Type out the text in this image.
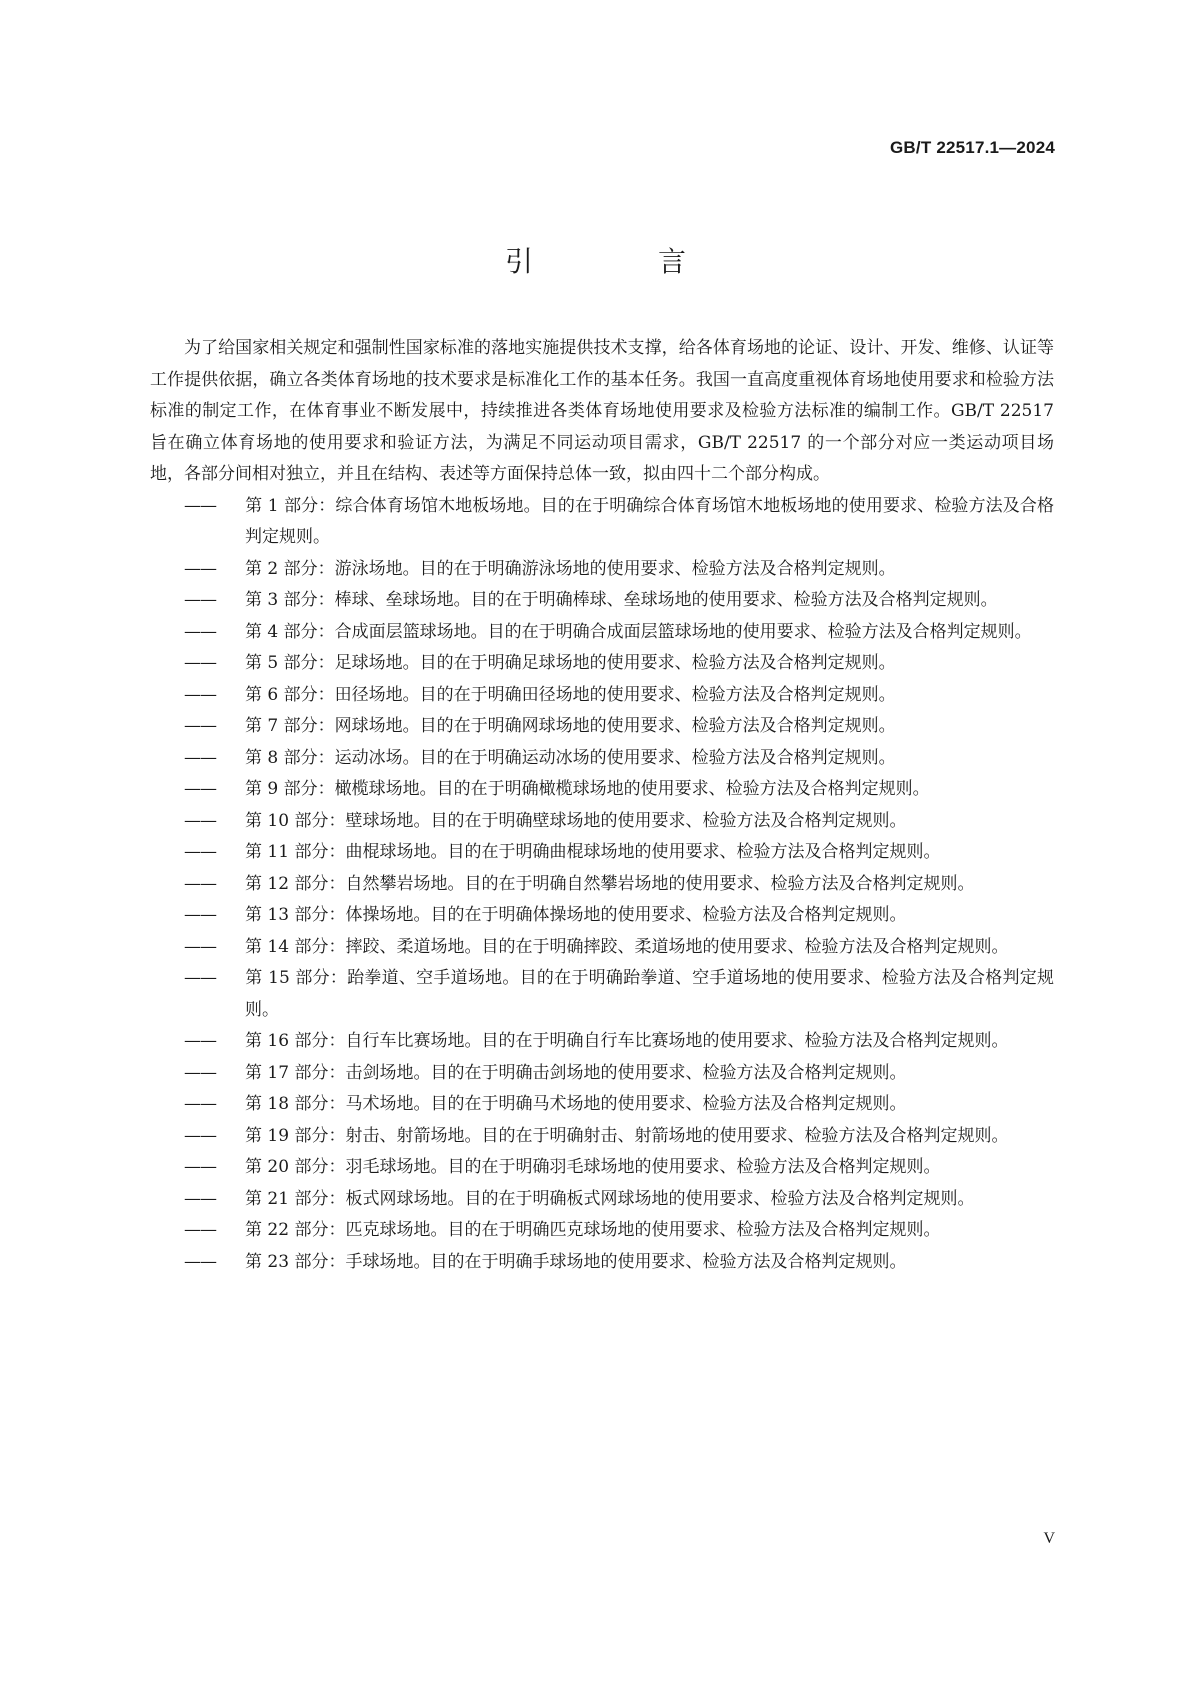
GB/T 22517.1—2024
引 言

为了给国家相关规定和强制性国家标准的落地实施提供技术支撑，给各体育场地的论证、设计、开发、维修、认证等工作提供依据，确立各类体育场地的技术要求是标准化工作的基本任务。我国一直高度重视体育场地使用要求和检验方法标准的制定工作，在体育事业不断发展中，持续推进各类体育场地使用要求及检验方法标准的编制工作。GB/T 22517 旨在确立体育场地的使用要求和验证方法，为满足不同运动项目需求，GB/T 22517 的一个部分对应一类运动项目场地，各部分间相对独立，并且在结构、表述等方面保持总体一致，拟由四十二个部分构成。

—— 第 1 部分：综合体育场馆木地板场地。目的在于明确综合体育场馆木地板场地的使用要求、检验方法及合格判定规则。
—— 第 2 部分：游泳场地。目的在于明确游泳场地的使用要求、检验方法及合格判定规则。
—— 第 3 部分：棒球、垒球场地。目的在于明确棒球、垒球场地的使用要求、检验方法及合格判定规则。
—— 第 4 部分：合成面层篮球场地。目的在于明确合成面层篮球场地的使用要求、检验方法及合格判定规则。
—— 第 5 部分：足球场地。目的在于明确足球场地的使用要求、检验方法及合格判定规则。
—— 第 6 部分：田径场地。目的在于明确田径场地的使用要求、检验方法及合格判定规则。
—— 第 7 部分：网球场地。目的在于明确网球场地的使用要求、检验方法及合格判定规则。
—— 第 8 部分：运动冰场。目的在于明确运动冰场的使用要求、检验方法及合格判定规则。
—— 第 9 部分：橄榄球场地。目的在于明确橄榄球场地的使用要求、检验方法及合格判定规则。
—— 第 10 部分：壁球场地。目的在于明确壁球场地的使用要求、检验方法及合格判定规则。
—— 第 11 部分：曲棍球场地。目的在于明确曲棍球场地的使用要求、检验方法及合格判定规则。
—— 第 12 部分：自然攀岩场地。目的在于明确自然攀岩场地的使用要求、检验方法及合格判定规则。
—— 第 13 部分：体操场地。目的在于明确体操场地的使用要求、检验方法及合格判定规则。
—— 第 14 部分：摔跤、柔道场地。目的在于明确摔跤、柔道场地的使用要求、检验方法及合格判定规则。
—— 第 15 部分：跆拳道、空手道场地。目的在于明确跆拳道、空手道场地的使用要求、检验方法及合格判定规则。
—— 第 16 部分：自行车比赛场地。目的在于明确自行车比赛场地的使用要求、检验方法及合格判定规则。
—— 第 17 部分：击剑场地。目的在于明确击剑场地的使用要求、检验方法及合格判定规则。
—— 第 18 部分：马术场地。目的在于明确马术场地的使用要求、检验方法及合格判定规则。
—— 第 19 部分：射击、射箭场地。目的在于明确射击、射箭场地的使用要求、检验方法及合格判定规则。
—— 第 20 部分：羽毛球场地。目的在于明确羽毛球场地的使用要求、检验方法及合格判定规则。
—— 第 21 部分：板式网球场地。目的在于明确板式网球场地的使用要求、检验方法及合格判定规则。
—— 第 22 部分：匹克球场地。目的在于明确匹克球场地的使用要求、检验方法及合格判定规则。
—— 第 23 部分：手球场地。目的在于明确手球场地的使用要求、检验方法及合格判定规则。
V
